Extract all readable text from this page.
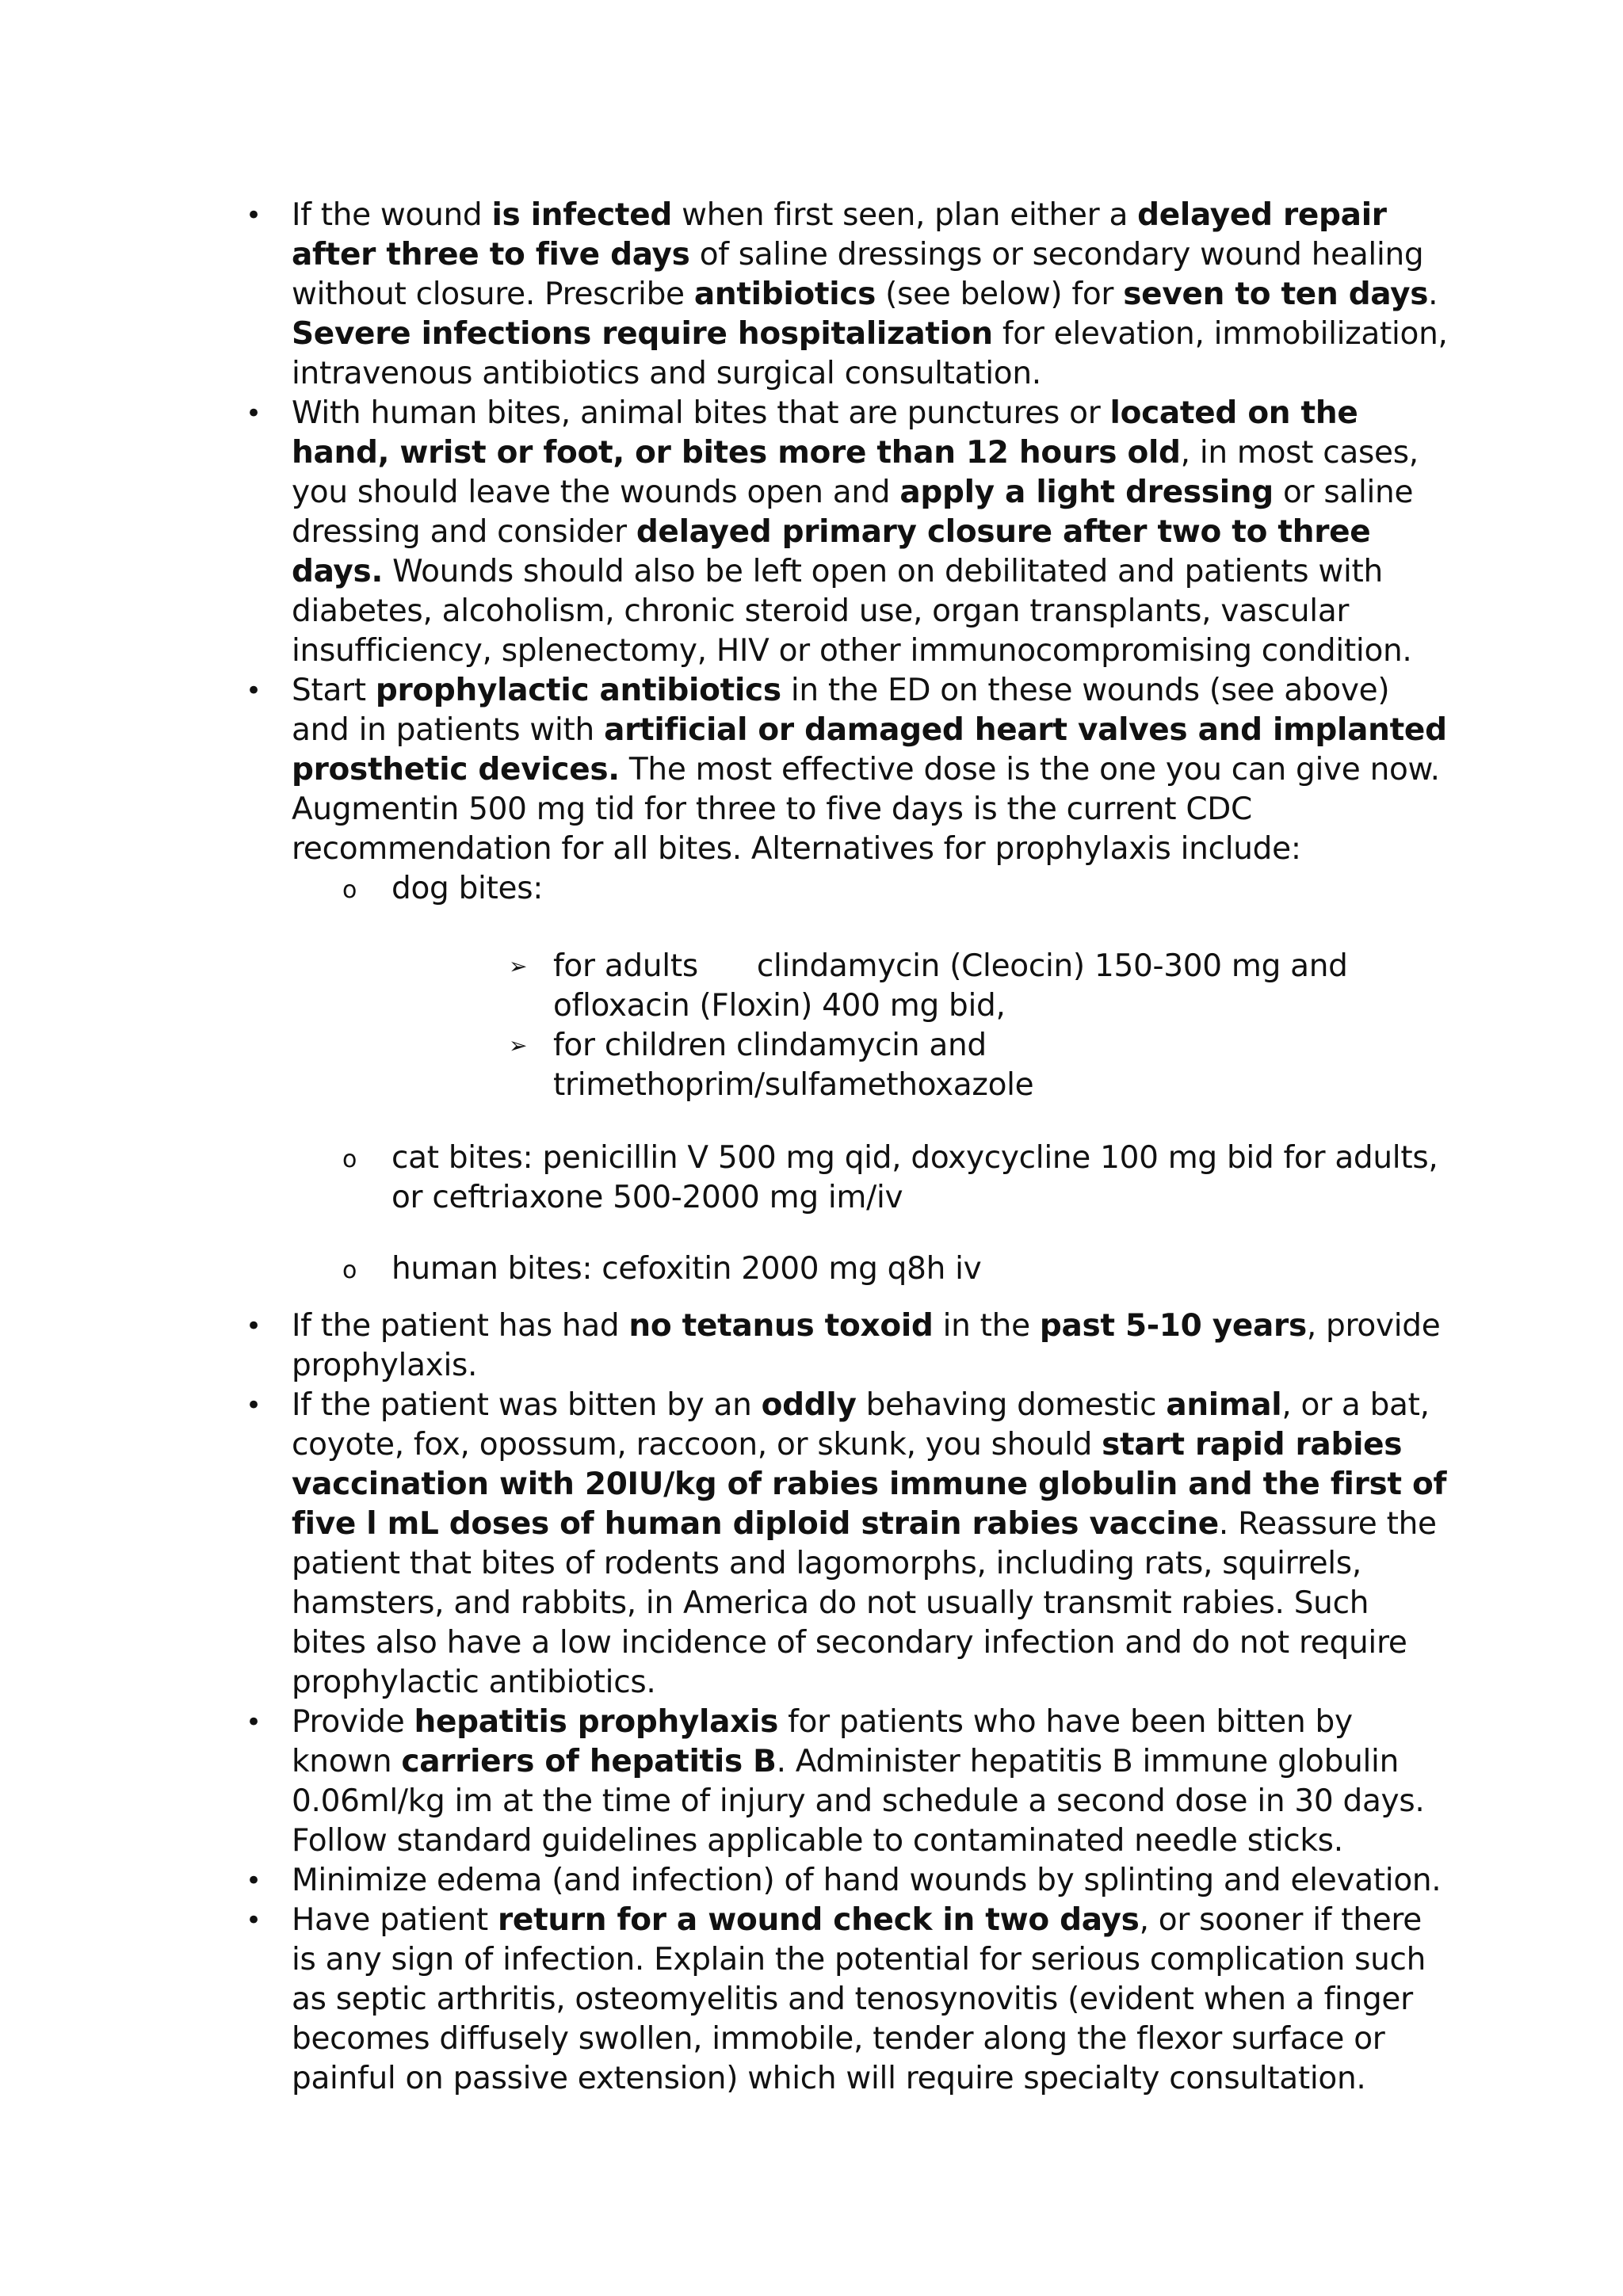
• If the wound is infected when first seen, plan either a delayed repair after three to five days of saline dressings or secondary wound healing without closure. Prescribe antibiotics (see below) for seven to ten days. Severe infections require hospitalization for elevation, immobilization, intravenous antibiotics and surgical consultation.
• With human bites, animal bites that are punctures or located on the hand, wrist or foot, or bites more than 12 hours old, in most cases, you should leave the wounds open and apply a light dressing or saline dressing and consider delayed primary closure after two to three days. Wounds should also be left open on debilitated and patients with diabetes, alcoholism, chronic steroid use, organ transplants, vascular insufficiency, splenectomy, HIV or other immunocompromising condition.
• Start prophylactic antibiotics in the ED on these wounds (see above) and in patients with artificial or damaged heart valves and implanted prosthetic devices. The most effective dose is the one you can give now. Augmentin 500 mg tid for three to five days is the current CDC recommendation for all bites. Alternatives for prophylaxis include:
o dog bites:
➢ for adults clindamycin (Cleocin) 150-300 mg and ofloxacin (Floxin) 400 mg bid,
➢ for children clindamycin and trimethoprim/sulfamethoxazole
o cat bites: penicillin V 500 mg qid, doxycycline 100 mg bid for adults, or ceftriaxone 500-2000 mg im/iv
o human bites: cefoxitin 2000 mg q8h iv
• If the patient has had no tetanus toxoid in the past 5-10 years, provide prophylaxis.
• If the patient was bitten by an oddly behaving domestic animal, or a bat, coyote, fox, opossum, raccoon, or skunk, you should start rapid rabies vaccination with 20IU/kg of rabies immune globulin and the first of five l mL doses of human diploid strain rabies vaccine. Reassure the patient that bites of rodents and lagomorphs, including rats, squirrels, hamsters, and rabbits, in America do not usually transmit rabies. Such bites also have a low incidence of secondary infection and do not require prophylactic antibiotics.
• Provide hepatitis prophylaxis for patients who have been bitten by known carriers of hepatitis B. Administer hepatitis B immune globulin 0.06ml/kg im at the time of injury and schedule a second dose in 30 days. Follow standard guidelines applicable to contaminated needle sticks.
• Minimize edema (and infection) of hand wounds by splinting and elevation.
• Have patient return for a wound check in two days, or sooner if there is any sign of infection. Explain the potential for serious complication such as septic arthritis, osteomyelitis and tenosynovitis (evident when a finger becomes diffusely swollen, immobile, tender along the flexor surface or painful on passive extension) which will require specialty consultation.
